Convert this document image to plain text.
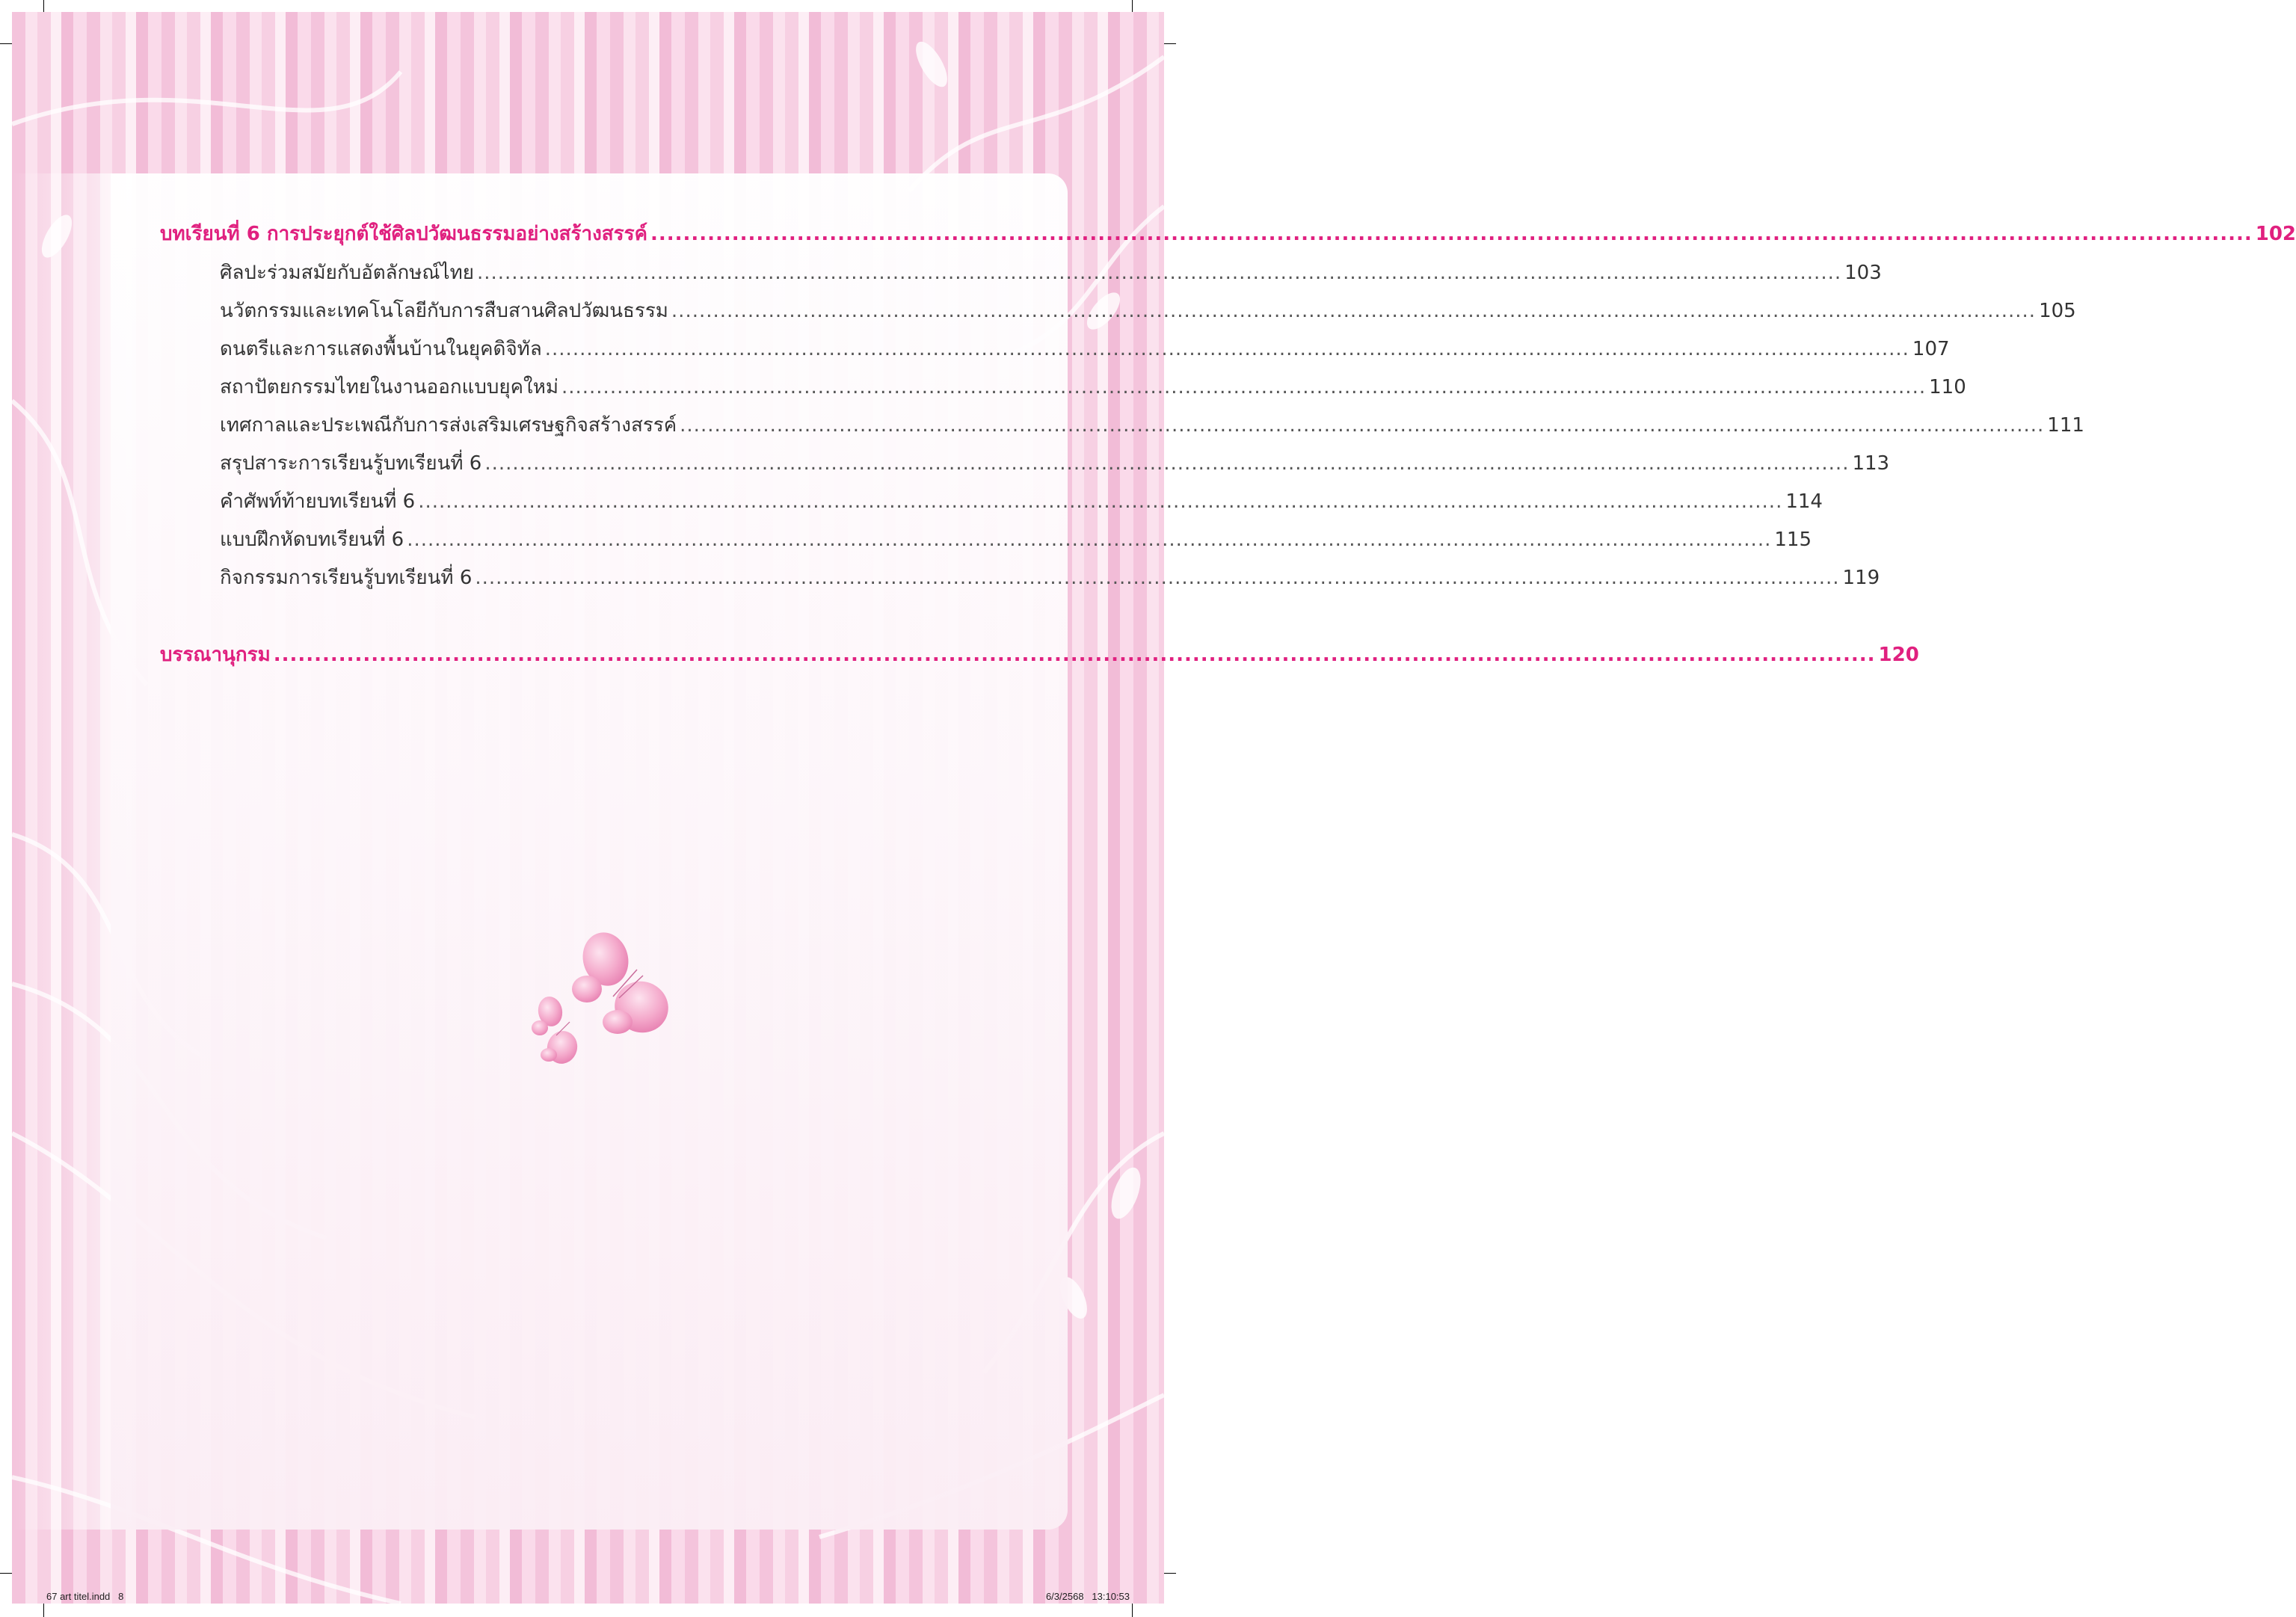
บทเรียนที่ 6 การประยุกต์ใช้ศิลปวัฒนธรรมอย่างสร้างสรรค์ ..................................................................................................................................................................................................... 102
ศิลปะร่วมสมัยกับอัตลักษณ์ไทย ..................................................................................................................................................................................................... 103
นวัตกรรมและเทคโนโลยีกับการสืบสานศิลปวัฒนธรรม ..................................................................................................................................................................................................... 105
ดนตรีและการแสดงพื้นบ้านในยุคดิจิทัล ..................................................................................................................................................................................................... 107
สถาปัตยกรรมไทยในงานออกแบบยุคใหม่ ..................................................................................................................................................................................................... 110
เทศกาลและประเพณีกับการส่งเสริมเศรษฐกิจสร้างสรรค์ ..................................................................................................................................................................................................... 111
สรุปสาระการเรียนรู้บทเรียนที่ 6 ..................................................................................................................................................................................................... 113
คำศัพท์ท้ายบทเรียนที่ 6 ..................................................................................................................................................................................................... 114
แบบฝึกหัดบทเรียนที่ 6 ..................................................................................................................................................................................................... 115
กิจกรรมการเรียนรู้บทเรียนที่ 6 ..................................................................................................................................................................................................... 119
บรรณานุกรม ..................................................................................................................................................................................................... 120
67 art titel.indd   8	6/3/2568   13:10:53
